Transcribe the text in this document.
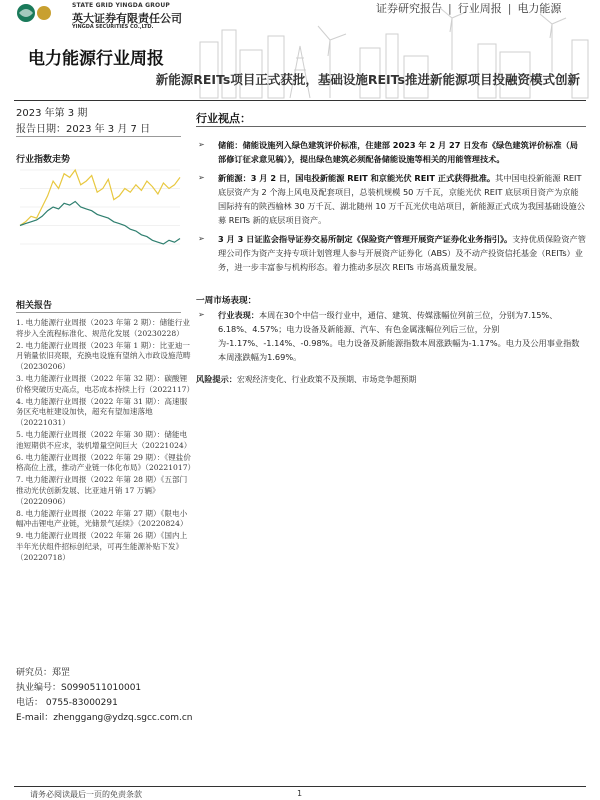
STATE GRID YINGDA GROUP
英大证券有限责任公司
YINGDA SECURITIES CO.,LTD.
证券研究报告 | 行业周报 | 电力能源
电力能源行业周报
新能源REITs项目正式获批，基础设施REITs推进新能源项目投融资模式创新
2023 年第 3 期
报告日期：2023 年 3 月 7 日
行业指数走势
相关报告
1. 电力能源行业周报（2023 年第 2 期）：储能行业将步入全流程标准化、规范化发展（20230228）
2. 电力能源行业周报（2023 年第 1 期）：比亚迪一月销量依旧亮眼，充换电设施有望纳入市政设施范畴（20230206）
3. 电力能源行业周报（2022 年第 32 期）：碳酸锂价格突破历史高点，电芯成本持续上行（2022117）
4. 电力能源行业周报（2022 年第 31 期）：高速服务区充电桩建设加快，超充有望加速落地（20221031）
5. 电力能源行业周报（2022 年第 30 期）：储能电池短期供不应求，装机增量空间巨大（20221024）
6. 电力能源行业周报（2022 年第 29 期）：《锂盐价格高位上涨，推动产业链一体化布局》（20221017）
7. 电力能源行业周报（2022 年第 28 期）《五部门推动光伏创新发展、比亚迪月销 17 万辆》（20220906）
8. 电力能源行业周报（2022 年第 27 期）《限电小幅冲击锂电产业链，光储景气延续》（20220824）
9. 电力能源行业周报（2022 年第 26 期）《国内上半年光伏组件招标创纪录，可再生能源补贴下发》（20220718）
研究员：郑罡
执业编号：S0990511010001
电话： 0755-83000291
E-mail：zhenggang@ydzq.sgcc.com.cn
行业视点：
➢ 储能：储能设施列入绿色建筑评价标准，住建部 2023 年 2 月 27 日发布《绿色建筑评价标准（局部修订征求意见稿）》，提出绿色建筑必须配备储能设施等相关的用能管理技术。
➢ 新能源：3 月 2 日，国电投新能源 REIT 和京能光伏 REIT 正式获得批准。其中国电投新能源 REIT 底层资产为 2 个海上风电及配套项目，总装机规模 50 万千瓦，京能光伏 REIT 底层项目资产为京能国际持有的陕西榆林 30 万千瓦、湖北随州 10 万千瓦光伏电站项目，新能源正式成为我国基础设施公募 REITs 新的底层项目资产。
➢ 3 月 3 日证监会指导证券交易所制定《保险资产管理开展资产证券化业务指引》。支持优质保险资产管理公司作为资产支持专项计划管理人参与开展资产证券化（ABS）及不动产投资信托基金（REITs）业务，进一步丰富参与机构形态。着力推动多层次 REITs 市场高质量发展。
一周市场表现：
➢ 行业表现：本周在30个中信一级行业中，通信、建筑、传媒涨幅位列前三位，分别为7.15%、6.18%、4.57%；电力设备及新能源、汽车、有色金属涨幅位列后三位，分别为-1.17%、-1.14%、-0.98%。电力设备及新能源指数本周涨跌幅为-1.17%。电力及公用事业指数本周涨跌幅为1.69%。
风险提示：宏观经济变化、行业政策不及预期、市场竞争超预期
请务必阅读最后一页的免责条款	1
